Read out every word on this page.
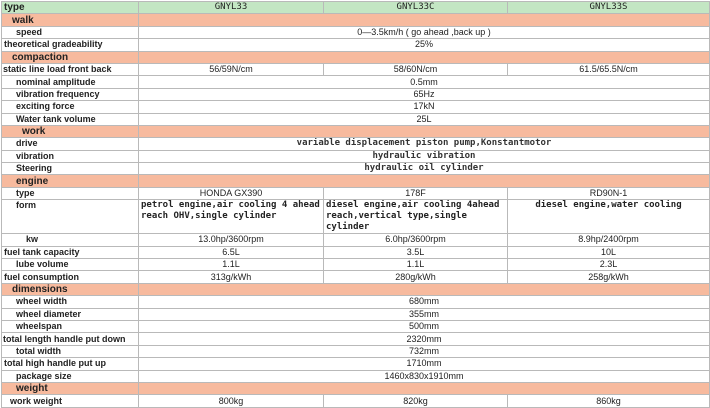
type	GNYL33	GNYL33C	GNYL33S
walk			
speed	0—3.5km/h ( go ahead ,back up )		
theoretical gradeability	25%		
compaction			
static line load front back	56/59N/cm	58/60N/cm	61.5/65.5N/cm
nominal amplitude	0.5mm		
vibration frequency	65Hz		
exciting force	17kN		
Water tank volume	25L		
work			
drive	variable displacement piston pump,Konstantmotor		
vibration	hydraulic vibration		
Steering	hydraulic oil cylinder		
engine			
type	HONDA GX390	178F	RD90N-1
form	petrol engine,air cooling 4 ahead reach OHV,single cylinder	diesel engine,air cooling 4ahead reach,vertical type,single cylinder	diesel engine,water cooling
kw	13.0hp/3600rpm	6.0hp/3600rpm	8.9hp/2400rpm
fuel tank capacity	6.5L	3.5L	10L
lube volume	1.1L	1.1L	2.3L
fuel consumption	313g/kWh	280g/kWh	258g/kWh
dimensions			
wheel width	680mm		
wheel diameter	355mm		
wheelspan	500mm		
total length handle put down	2320mm		
total width	732mm		
total high handle put up	1710mm		
package size	1460x830x1910mm		
weight			
work weight	800kg	820kg	860kg
